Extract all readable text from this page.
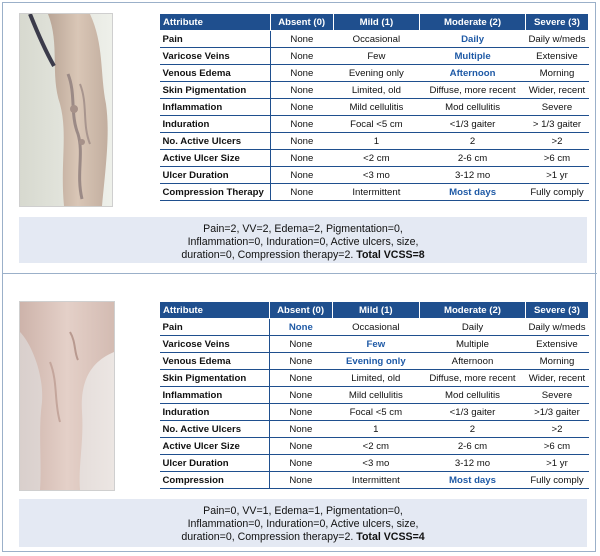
Attribute	Absent (0)	Mild (1)	Moderate (2)	Severe (3)
Pain	None	Occasional	Daily	Daily w/meds
Varicose Veins	None	Few	Multiple	Extensive
Venous Edema	None	Evening only	Afternoon	Morning
Skin Pigmentation	None	Limited, old	Diffuse, more recent	Wider, recent
Inflammation	None	Mild cellulitis	Mod cellulitis	Severe
Induration	None	Focal <5 cm	<1/3 gaiter	> 1/3 gaiter
No. Active Ulcers	None	1	2	>2
Active Ulcer Size	None	<2 cm	2-6 cm	>6 cm
Ulcer Duration	None	<3 mo	3-12 mo	>1 yr
Compression Therapy	None	Intermittent	Most days	Fully comply
Pain=2, VV=2, Edema=2, Pigmentation=0,
Inflammation=0, Induration=0, Active ulcers, size,
duration=0, Compression therapy=2. Total VCSS=8
Attribute	Absent (0)	Mild (1)	Moderate (2)	Severe (3)
Pain	None	Occasional	Daily	Daily w/meds
Varicose Veins	None	Few	Multiple	Extensive
Venous Edema	None	Evening only	Afternoon	Morning
Skin Pigmentation	None	Limited, old	Diffuse, more recent	Wider, recent
Inflammation	None	Mild cellulitis	Mod cellulitis	Severe
Induration	None	Focal <5 cm	<1/3 gaiter	>1/3 gaiter
No. Active Ulcers	None	1	2	>2
Active Ulcer Size	None	<2 cm	2-6 cm	>6 cm
Ulcer Duration	None	<3 mo	3-12 mo	>1 yr
Compression	None	Intermittent	Most days	Fully comply
Pain=0, VV=1, Edema=1, Pigmentation=0,
Inflammation=0, Induration=0, Active ulcers, size,
duration=0, Compression therapy=2. Total VCSS=4
